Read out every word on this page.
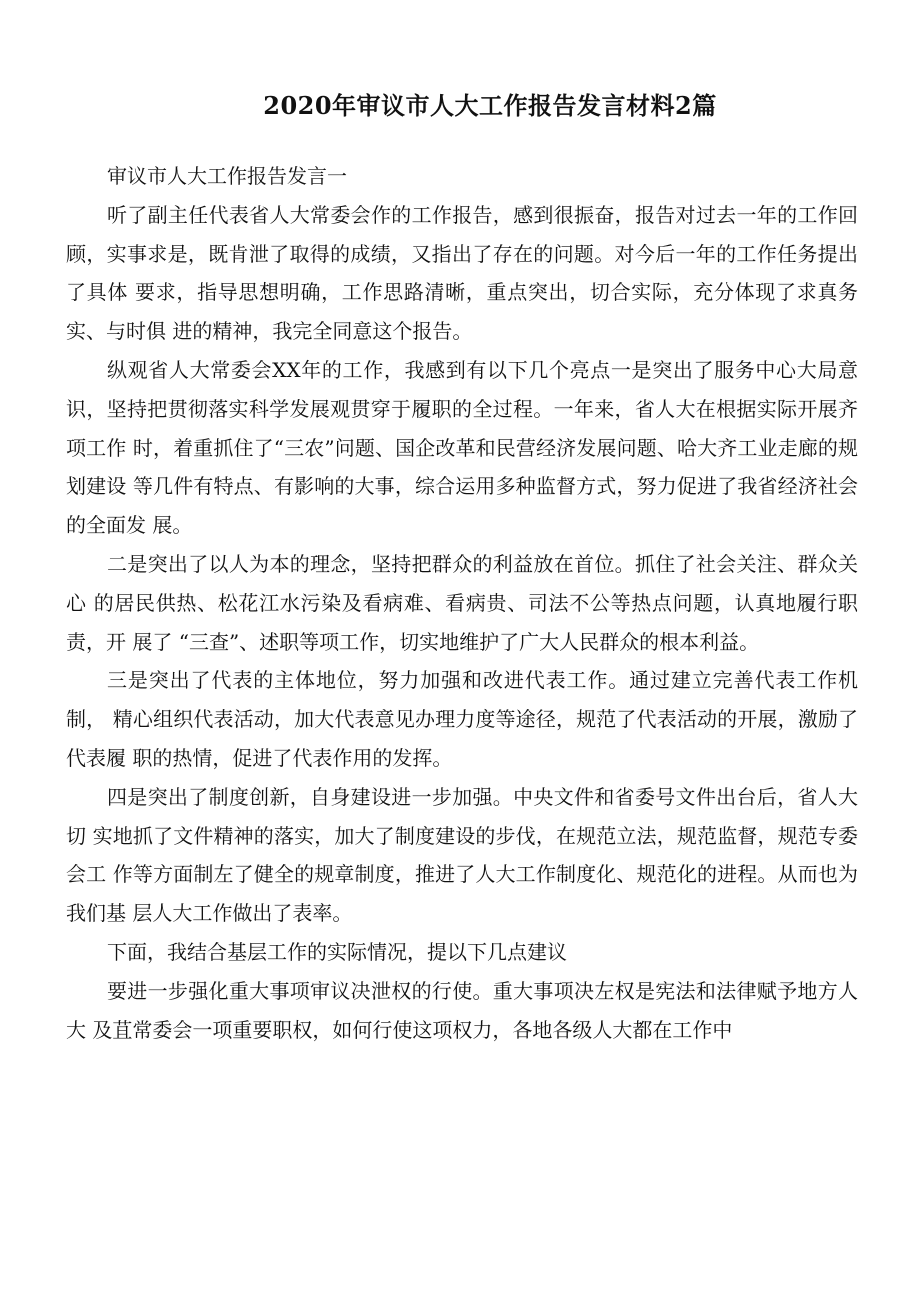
2020年审议市人大工作报告发言材料2篇

审议市人大工作报告发言一

听了副主任代表省人大常委会作的工作报告，感到很振奋，报告对过去一年的工作回顾，实事求是，既肯泄了取得的成绩，又指出了存在的问题。对今后一年的工作任务提出了具体 要求，指导思想明确，工作思路清晰，重点突出，切合实际，充分体现了求真务实、与时俱 进的精神，我完全同意这个报告。

纵观省人大常委会XX年的工作，我感到有以下几个亮点一是突出了服务中心大局意识，坚持把贯彻落实科学发展观贯穿于履职的全过程。一年来，省人大在根据实际开展齐项工作 时，着重抓住了“三农”问题、国企改革和民营经济发展问题、哈大齐工业走廊的规划建设 等几件有特点、有影响的大事，综合运用多种监督方式，努力促进了我省经济社会的全面发 展。

二是突出了以人为本的理念，坚持把群众的利益放在首位。抓住了社会关注、群众关心 的居民供热、松花江水污染及看病难、看病贵、司法不公等热点问题，认真地履行职责，开 展了 “三查”、述职等项工作，切实地维护了广大人民群众的根本利益。

三是突出了代表的主体地位，努力加强和改进代表工作。通过建立完善代表工作机制， 精心组织代表活动，加大代表意见办理力度等途径，规范了代表活动的开展，激励了代表履 职的热情，促进了代表作用的发挥。

四是突出了制度创新，自身建设进一步加强。中央文件和省委号文件出台后，省人大切 实地抓了文件精神的落实，加大了制度建设的步伐，在规范立法，规范监督，规范专委会工 作等方面制左了健全的规章制度，推进了人大工作制度化、规范化的进程。从而也为我们基 层人大工作做出了表率。

下面，我结合基层工作的实际情况，提以下几点建议

要进一步强化重大事项审议决泄权的行使。重大事项决左权是宪法和法律赋予地方人大 及苴常委会一项重要职权，如何行使这项权力，各地各级人大都在工作中
